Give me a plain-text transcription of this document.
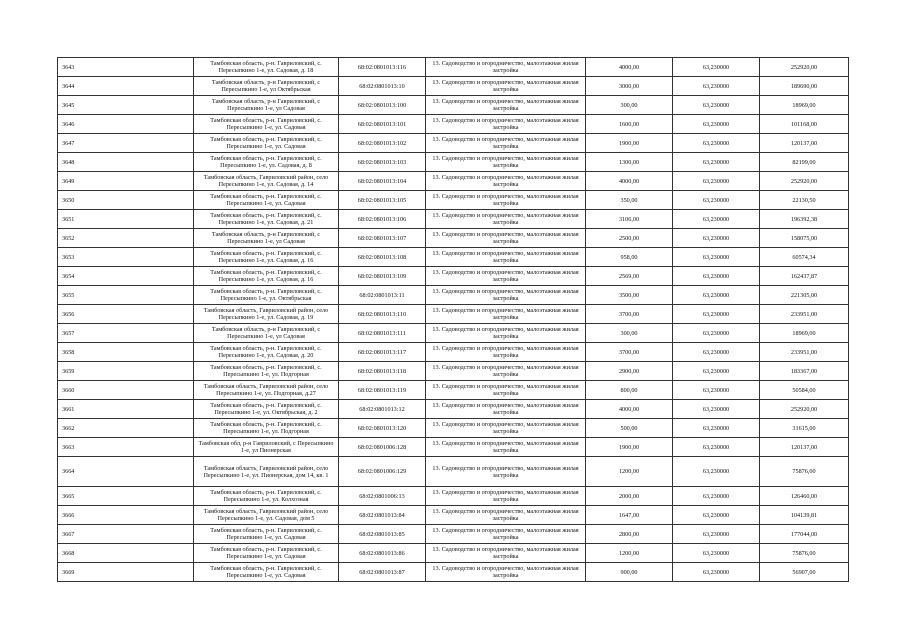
3643	Тамбовская область, р-н. Гавриловский, с. Пересыпкино 1-е, ул. Садовая, д. 18	68:02:0801013:116	13. Садоводство и огородничество, малоэтажная жилая застройка	4000,00	63,230000	252920,00
3644	Тамбовская область, р-н Гавриловский, с Пересыпкино 1-е, ул Октябрьская	68:02:0801013:10	13. Садоводство и огородничество, малоэтажная жилая застройка	3000,00	63,230000	189690,00
3645	Тамбовская область, р-н Гавриловский, с Пересыпкино 1-е, ул Садовая	68:02:0801013:100	13. Садоводство и огородничество, малоэтажная жилая застройка	300,00	63,230000	18969,00
3646	Тамбовская область, р-н. Гавриловский, с. Пересыпкино 1-е, ул. Садовая	68:02:0801013:101	13. Садоводство и огородничество, малоэтажная жилая застройка	1600,00	63,230000	101168,00
3647	Тамбовская область, р-н. Гавриловский, с. Пересыпкино 1-е, ул. Садовая	68:02:0801013:102	13. Садоводство и огородничество, малоэтажная жилая застройка	1900,00	63,230000	120137,00
3648	Тамбовская область, р-н. Гавриловский, с. Пересыпкино 1-е, ул. Садовая, д. 8	68:02:0801013:103	13. Садоводство и огородничество, малоэтажная жилая застройка	1300,00	63,230000	82199,00
3649	Тамбовская область, Гавриловский район, село Пересыпкино 1-е, ул. Садовая, д. 14	68:02:0801013:104	13. Садоводство и огородничество, малоэтажная жилая застройка	4000,00	63,230000	252920,00
3650	Тамбовская область, р-н. Гавриловский, с. Пересыпкино 1-е, ул. Садовая	68:02:0801013:105	13. Садоводство и огородничество, малоэтажная жилая застройка	350,00	63,230000	22130,50
3651	Тамбовская область, р-н. Гавриловский, с. Пересыпкино 1-е, ул. Садовая, д. 21	68:02:0801013:106	13. Садоводство и огородничество, малоэтажная жилая застройка	3106,00	63,230000	196392,38
3652	Тамбовская область, р-н Гавриловский, с Пересыпкино 1-е, ул Садовая	68:02:0801013:107	13. Садоводство и огородничество, малоэтажная жилая застройка	2500,00	63,230000	158075,00
3653	Тамбовская область, р-н. Гавриловский, с. Пересыпкино 1-е, ул. Садовая, д. 16	68:02:0801013:108	13. Садоводство и огородничество, малоэтажная жилая застройка	958,00	63,230000	60574,34
3654	Тамбовская область, р-н. Гавриловский, с. Пересыпкино 1-е, ул. Садовая, д. 16	68:02:0801013:109	13. Садоводство и огородничество, малоэтажная жилая застройка	2569,00	63,230000	162437,87
3655	Тамбовская область, р-н. Гавриловский, с. Пересыпкино 1-е, ул. Октябрьская	68:02:0801013:11	13. Садоводство и огородничество, малоэтажная жилая застройка	3500,00	63,230000	221305,00
3656	Тамбовская область, Гавриловский район, село Пересыпкино 1-е, ул. Садовая, д. 19	68:02:0801013:110	13. Садоводство и огородничество, малоэтажная жилая застройка	3700,00	63,230000	233951,00
3657	Тамбовская область, р-н Гавриловский, с Пересыпкино 1-е, ул Садовая	68:02:0801013:111	13. Садоводство и огородничество, малоэтажная жилая застройка	300,00	63,230000	18969,00
3658	Тамбовская область, р-н. Гавриловский, с. Пересыпкино 1-е, ул. Садовая, д. 20	68:02:0801013:117	13. Садоводство и огородничество, малоэтажная жилая застройка	3700,00	63,230000	233951,00
3659	Тамбовская область, р-н. Гавриловский, с. Пересыпкино 1-е, ул. Подгорная	68:02:0801013:118	13. Садоводство и огородничество, малоэтажная жилая застройка	2900,00	63,230000	183367,00
3660	Тамбовская область, Гавриловский район, село Пересыпкино 1-е, ул. Подгорная, д.27	68:02:0801013:119	13. Садоводство и огородничество, малоэтажная жилая застройка	800,00	63,230000	50584,00
3661	Тамбовская область, р-н. Гавриловский, с. Пересыпкино 1-е, ул. Октябрьская, д. 2	68:02:0801013:12	13. Садоводство и огородничество, малоэтажная жилая застройка	4000,00	63,230000	252920,00
3662	Тамбовская область, р-н. Гавриловский, с. Пересыпкино 1-е, ул. Подгорная	68:02:0801013:120	13. Садоводство и огородничество, малоэтажная жилая застройка	500,00	63,230000	31615,00
3663	Тамбовская обл, р-н Гавриловский, с Пересыпкино 1-е, ул Пионерская	68:02:0801006:128	13. Садоводство и огородничество, малоэтажная жилая застройка	1900,00	63,230000	120137,00
3664	Тамбовская область, Гавриловский район, село Пересыпкино 1-е, ул. Пионерская, дом 14, кв. 1	68:02:0801006:129	13. Садоводство и огородничество, малоэтажная жилая застройка	1200,00	63,230000	75876,00
3665	Тамбовская область, р-н. Гавриловский, с. Пересыпкино 1-е, ул. Колхозная	68:02:0801006:13	13. Садоводство и огородничество, малоэтажная жилая застройка	2000,00	63,230000	126460,00
3666	Тамбовская область, Гавриловский район, село Пересыпкино 1-е, ул. Садовая, дом 5	68:02:0801013:84	13. Садоводство и огородничество, малоэтажная жилая застройка	1647,00	63,230000	104139,81
3667	Тамбовская область, р-н. Гавриловский, с. Пересыпкино 1-е, ул. Садовая	68:02:0801013:85	13. Садоводство и огородничество, малоэтажная жилая застройка	2800,00	63,230000	177044,00
3668	Тамбовская область, р-н. Гавриловский, с. Пересыпкино 1-е, ул. Садовая	68:02:0801013:86	13. Садоводство и огородничество, малоэтажная жилая застройка	1200,00	63,230000	75876,00
3669	Тамбовская область, р-н. Гавриловский, с. Пересыпкино 1-е, ул. Садовая	68:02:0801013:87	13. Садоводство и огородничество, малоэтажная жилая застройка	900,00	63,230000	56907,00
